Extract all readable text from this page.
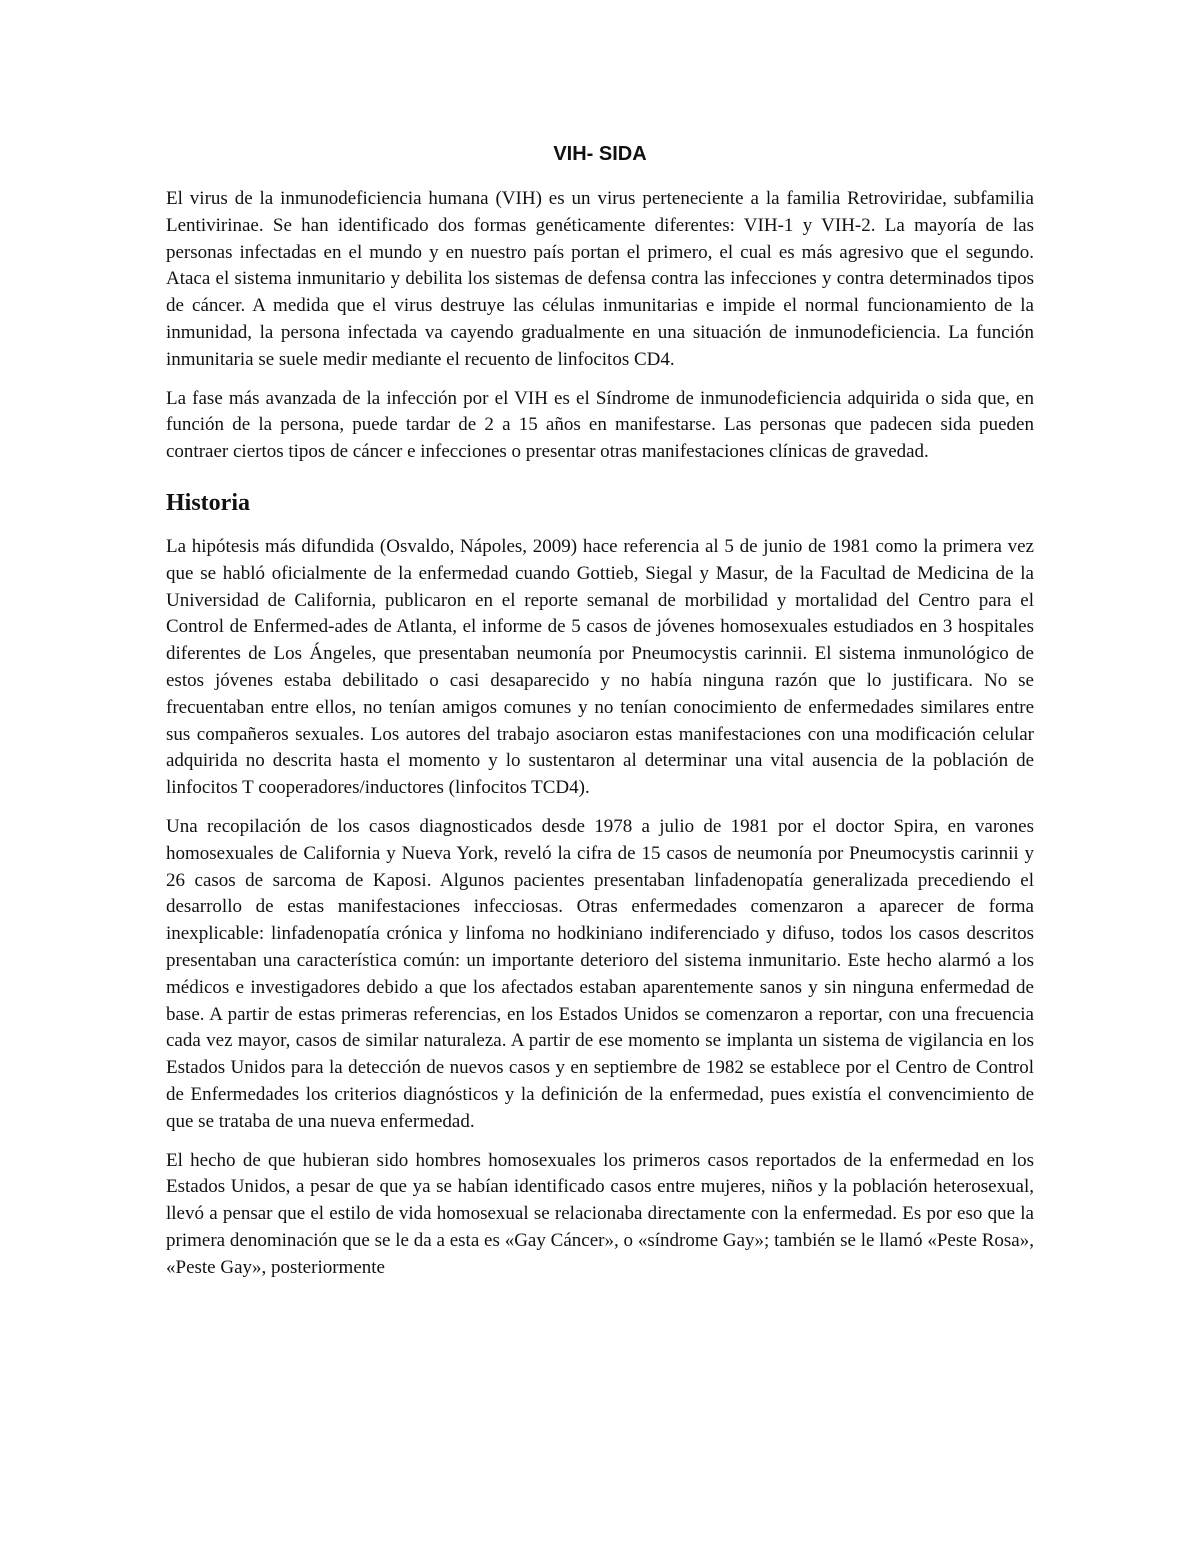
VIH- SIDA

El virus de la inmunodeficiencia humana (VIH) es un virus perteneciente a la familia Retroviridae, subfamilia Lentivirinae. Se han identificado dos formas genéticamente diferentes: VIH-1 y VIH-2. La mayoría de las personas infectadas en el mundo y en nuestro país portan el primero, el cual es más agresivo que el segundo. Ataca el sistema inmunitario y debilita los sistemas de defensa contra las infecciones y contra determinados tipos de cáncer. A medida que el virus destruye las células inmunitarias e impide el normal funcionamiento de la inmunidad, la persona infectada va cayendo gradualmente en una situación de inmunodeficiencia. La función inmunitaria se suele medir mediante el recuento de linfocitos CD4.

La fase más avanzada de la infección por el VIH es el Síndrome de inmunodeficiencia adquirida o sida que, en función de la persona, puede tardar de 2 a 15 años en manifestarse. Las personas que padecen sida pueden contraer ciertos tipos de cáncer e infecciones o presentar otras manifestaciones clínicas de gravedad.

Historia

La hipótesis más difundida (Osvaldo, Nápoles, 2009) hace referencia al 5 de junio de 1981 como la primera vez que se habló oficialmente de la enfermedad cuando Gottieb, Siegal y Masur, de la Facultad de Medicina de la Universidad de California, publicaron en el reporte semanal de morbilidad y mortalidad del Centro para el Control de Enfermed-ades de Atlanta, el informe de 5 casos de jóvenes homosexuales estudiados en 3 hospitales diferentes de Los Ángeles, que presentaban neumonía por Pneumocystis carinnii. El sistema inmunológico de estos jóvenes estaba debilitado o casi desaparecido y no había ninguna razón que lo justificara. No se frecuentaban entre ellos, no tenían amigos comunes y no tenían conocimiento de enfermedades similares entre sus compañeros sexuales. Los autores del trabajo asociaron estas manifestaciones con una modificación celular adquirida no descrita hasta el momento y lo sustentaron al determinar una vital ausencia de la población de linfocitos T cooperadores/inductores (linfocitos TCD4).

Una recopilación de los casos diagnosticados desde 1978 a julio de 1981 por el doctor Spira, en varones homosexuales de California y Nueva York, reveló la cifra de 15 casos de neumonía por Pneumocystis carinnii y 26 casos de sarcoma de Kaposi. Algunos pacientes presentaban linfadenopatía generalizada precediendo el desarrollo de estas manifestaciones infecciosas. Otras enfermedades comenzaron a aparecer de forma inexplicable: linfadenopatía crónica y linfoma no hodkiniano indiferenciado y difuso, todos los casos descritos presentaban una característica común: un importante deterioro del sistema inmunitario. Este hecho alarmó a los médicos e investigadores debido a que los afectados estaban aparentemente sanos y sin ninguna enfermedad de base. A partir de estas primeras referencias, en los Estados Unidos se comenzaron a reportar, con una frecuencia cada vez mayor, casos de similar naturaleza. A partir de ese momento se implanta un sistema de vigilancia en los Estados Unidos para la detección de nuevos casos y en septiembre de 1982 se establece por el Centro de Control de Enfermedades los criterios diagnósticos y la definición de la enfermedad, pues existía el convencimiento de que se trataba de una nueva enfermedad.

El hecho de que hubieran sido hombres homosexuales los primeros casos reportados de la enfermedad en los Estados Unidos, a pesar de que ya se habían identificado casos entre mujeres, niños y la población heterosexual, llevó a pensar que el estilo de vida homosexual se relacionaba directamente con la enfermedad. Es por eso que la primera denominación que se le da a esta es «Gay Cáncer», o «síndrome Gay»; también se le llamó «Peste Rosa», «Peste Gay», posteriormente
